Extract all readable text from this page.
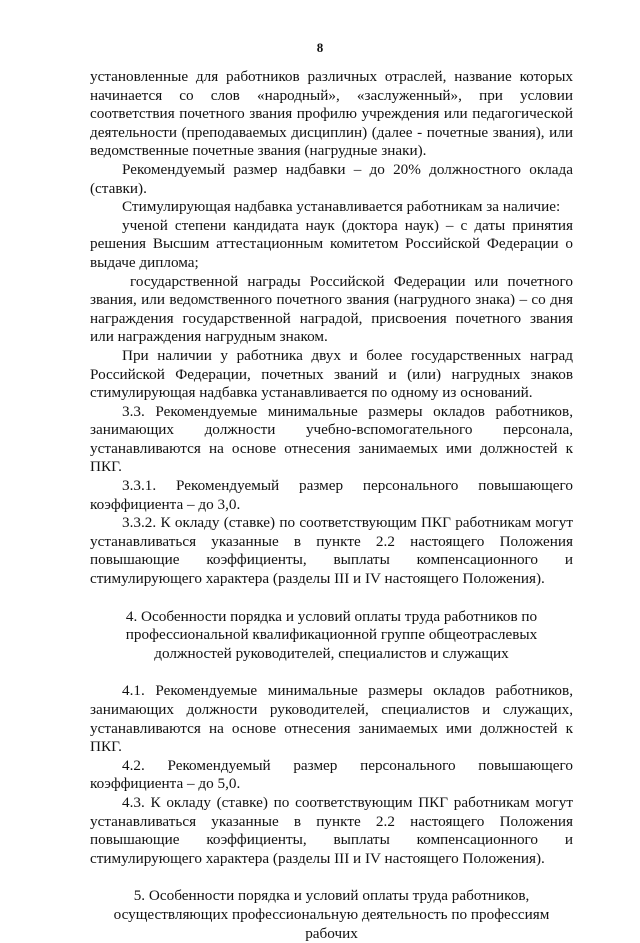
8

установленные для работников различных отраслей, название которых начинается со слов «народный», «заслуженный», при условии соответствия почетного звания профилю учреждения или педагогической деятельности (преподаваемых дисциплин) (далее - почетные звания), или ведомственные почетные звания (нагрудные знаки).

Рекомендуемый размер надбавки – до 20% должностного оклада (ставки).

Стимулирующая надбавка устанавливается работникам за наличие:

ученой степени кандидата наук (доктора наук) – с даты принятия решения Высшим аттестационным комитетом Российской Федерации о выдаче диплома;

государственной награды Российской Федерации или почетного звания, или ведомственного почетного звания (нагрудного знака) – со дня награждения государственной наградой, присвоения почетного звания или награждения нагрудным знаком.

При наличии у работника двух и более государственных наград Российской Федерации, почетных званий и (или) нагрудных знаков стимулирующая надбавка устанавливается по одному из оснований.

3.3. Рекомендуемые минимальные размеры окладов работников, занимающих должности учебно-вспомогательного персонала, устанавливаются на основе отнесения занимаемых ими должностей к ПКГ.

3.3.1. Рекомендуемый размер персонального повышающего коэффициента – до 3,0.

3.3.2. К окладу (ставке) по соответствующим ПКГ работникам могут устанавливаться указанные в пункте 2.2 настоящего Положения повышающие коэффициенты, выплаты компенсационного и стимулирующего характера (разделы III и IV настоящего Положения).

4. Особенности порядка и условий оплаты труда работников по профессиональной квалификационной группе общеотраслевых должностей руководителей, специалистов и служащих

4.1. Рекомендуемые минимальные размеры окладов работников, занимающих должности руководителей, специалистов и служащих, устанавливаются на основе отнесения занимаемых ими должностей к ПКГ.

4.2. Рекомендуемый размер персонального повышающего коэффициента – до 5,0.

4.3. К окладу (ставке) по соответствующим ПКГ работникам могут устанавливаться указанные в пункте 2.2 настоящего Положения повышающие коэффициенты, выплаты компенсационного и стимулирующего характера (разделы III и IV настоящего Положения).

5. Особенности порядка и условий оплаты труда работников, осуществляющих профессиональную деятельность по профессиям рабочих
